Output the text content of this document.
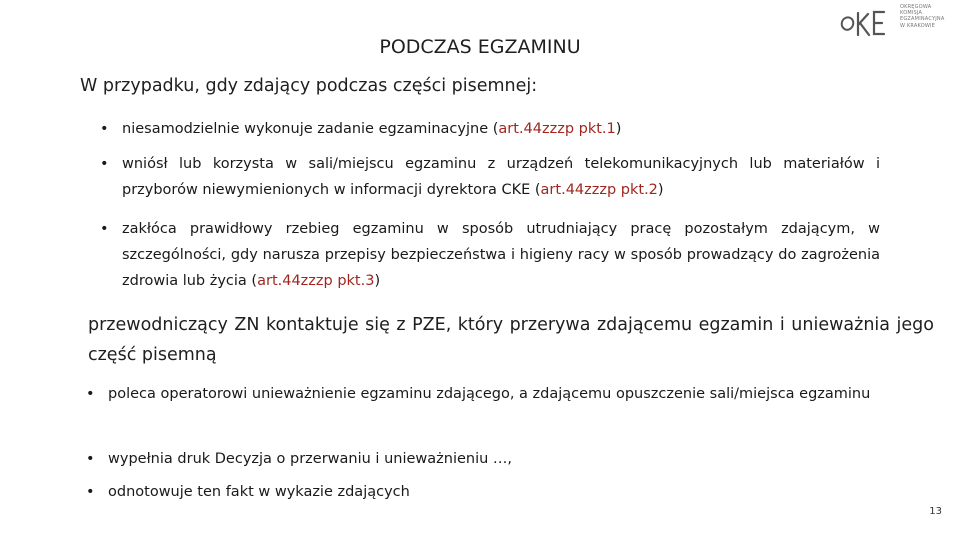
OKRĘGOWA
KOMISJA
EGZAMINACYJNA
W KRAKOWIE
PODCZAS EGZAMINU
W przypadku, gdy zdający podczas części pisemnej:
• niesamodzielnie wykonuje zadanie egzaminacyjne (art.44zzzp pkt.1)
• wniósł lub korzysta w sali/miejscu egzaminu z urządzeń telekomunikacyjnych lub materiałów i przyborów niewymienionych w informacji dyrektora CKE (art.44zzzp pkt.2)
• zakłóca prawidłowy rzebieg egzaminu w sposób utrudniający pracę pozostałym zdającym, w szczególności, gdy narusza przepisy bezpieczeństwa i higieny racy w sposób prowadzący do zagrożenia zdrowia lub życia (art.44zzzp pkt.3)
przewodniczący ZN kontaktuje się z PZE, który przerywa zdającemu egzamin i unieważnia jego część pisemną
• poleca operatorowi unieważnienie egzaminu zdającego, a zdającemu opuszczenie sali/miejsca egzaminu
• wypełnia druk Decyzja o przerwaniu i unieważnieniu …,
• odnotowuje ten fakt w wykazie zdających
13
